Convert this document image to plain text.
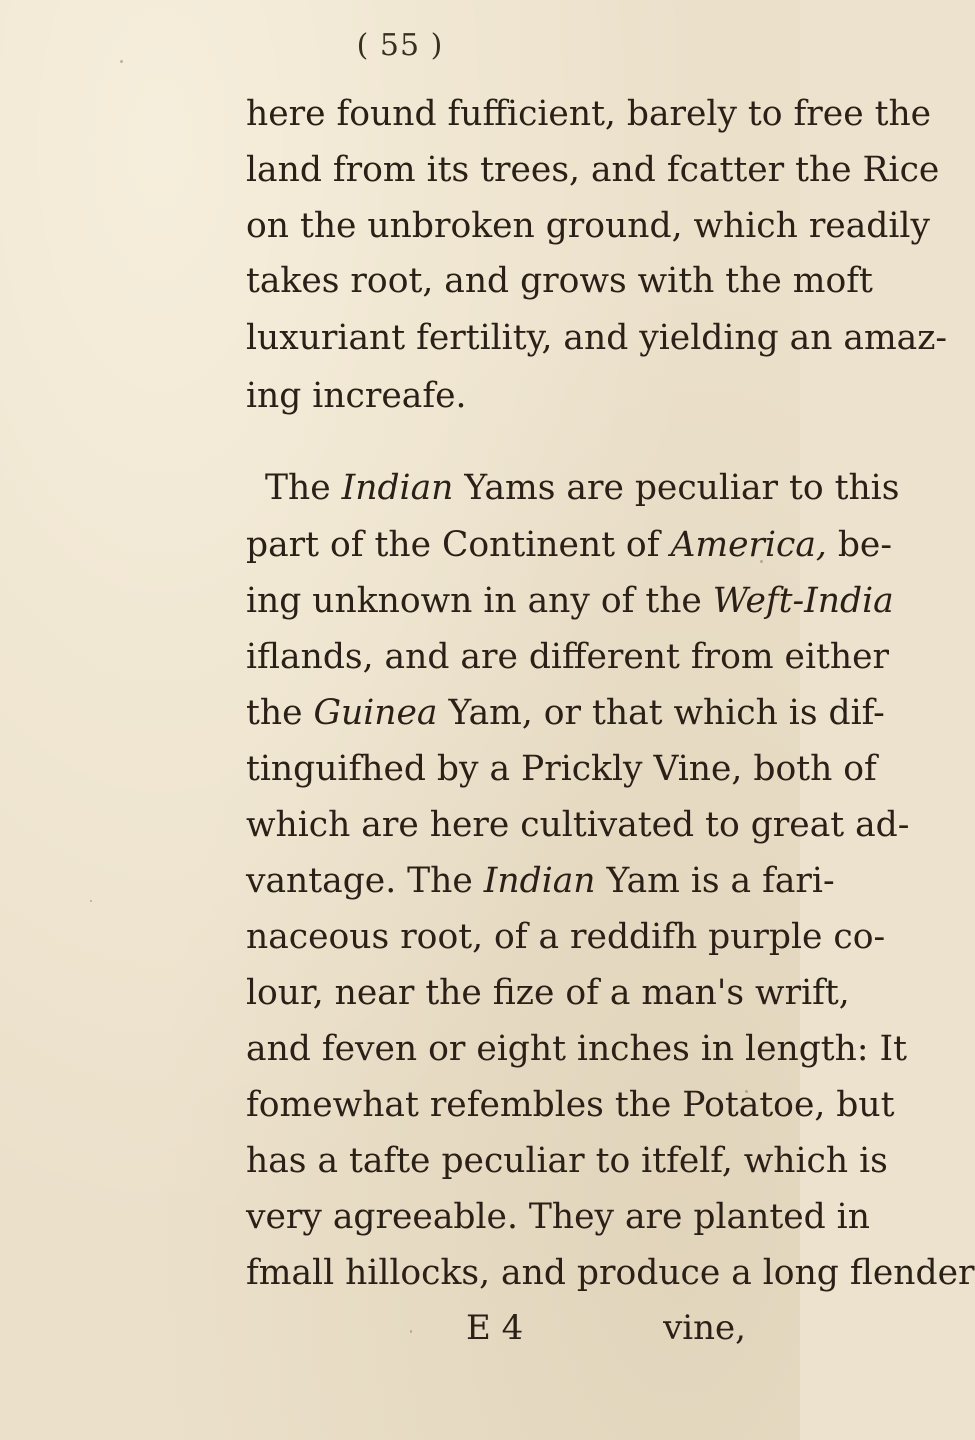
( 55 )
here found fufficient, barely to free the
land from its trees, and fcatter the Rice
on the unbroken ground, which readily
takes root, and grows with the moft
luxuriant fertility, and yielding an amaz-
ing increafe.
The Indian Yams are peculiar to this
part of the Continent of America, be-
ing unknown in any of the Weft-India
iflands, and are different from either
the Guinea Yam, or that which is dif-
tinguifhed by a Prickly Vine, both of
which are here cultivated to great ad-
vantage. The Indian Yam is a fari-
naceous root, of a reddifh purple co-
lour, near the fize of a man's wrift,
and feven or eight inches in length: It
fomewhat refembles the Potatoe, but
has a tafte peculiar to itfelf, which is
very agreeable. They are planted in
fmall hillocks, and produce a long flender
E 4	vine,
